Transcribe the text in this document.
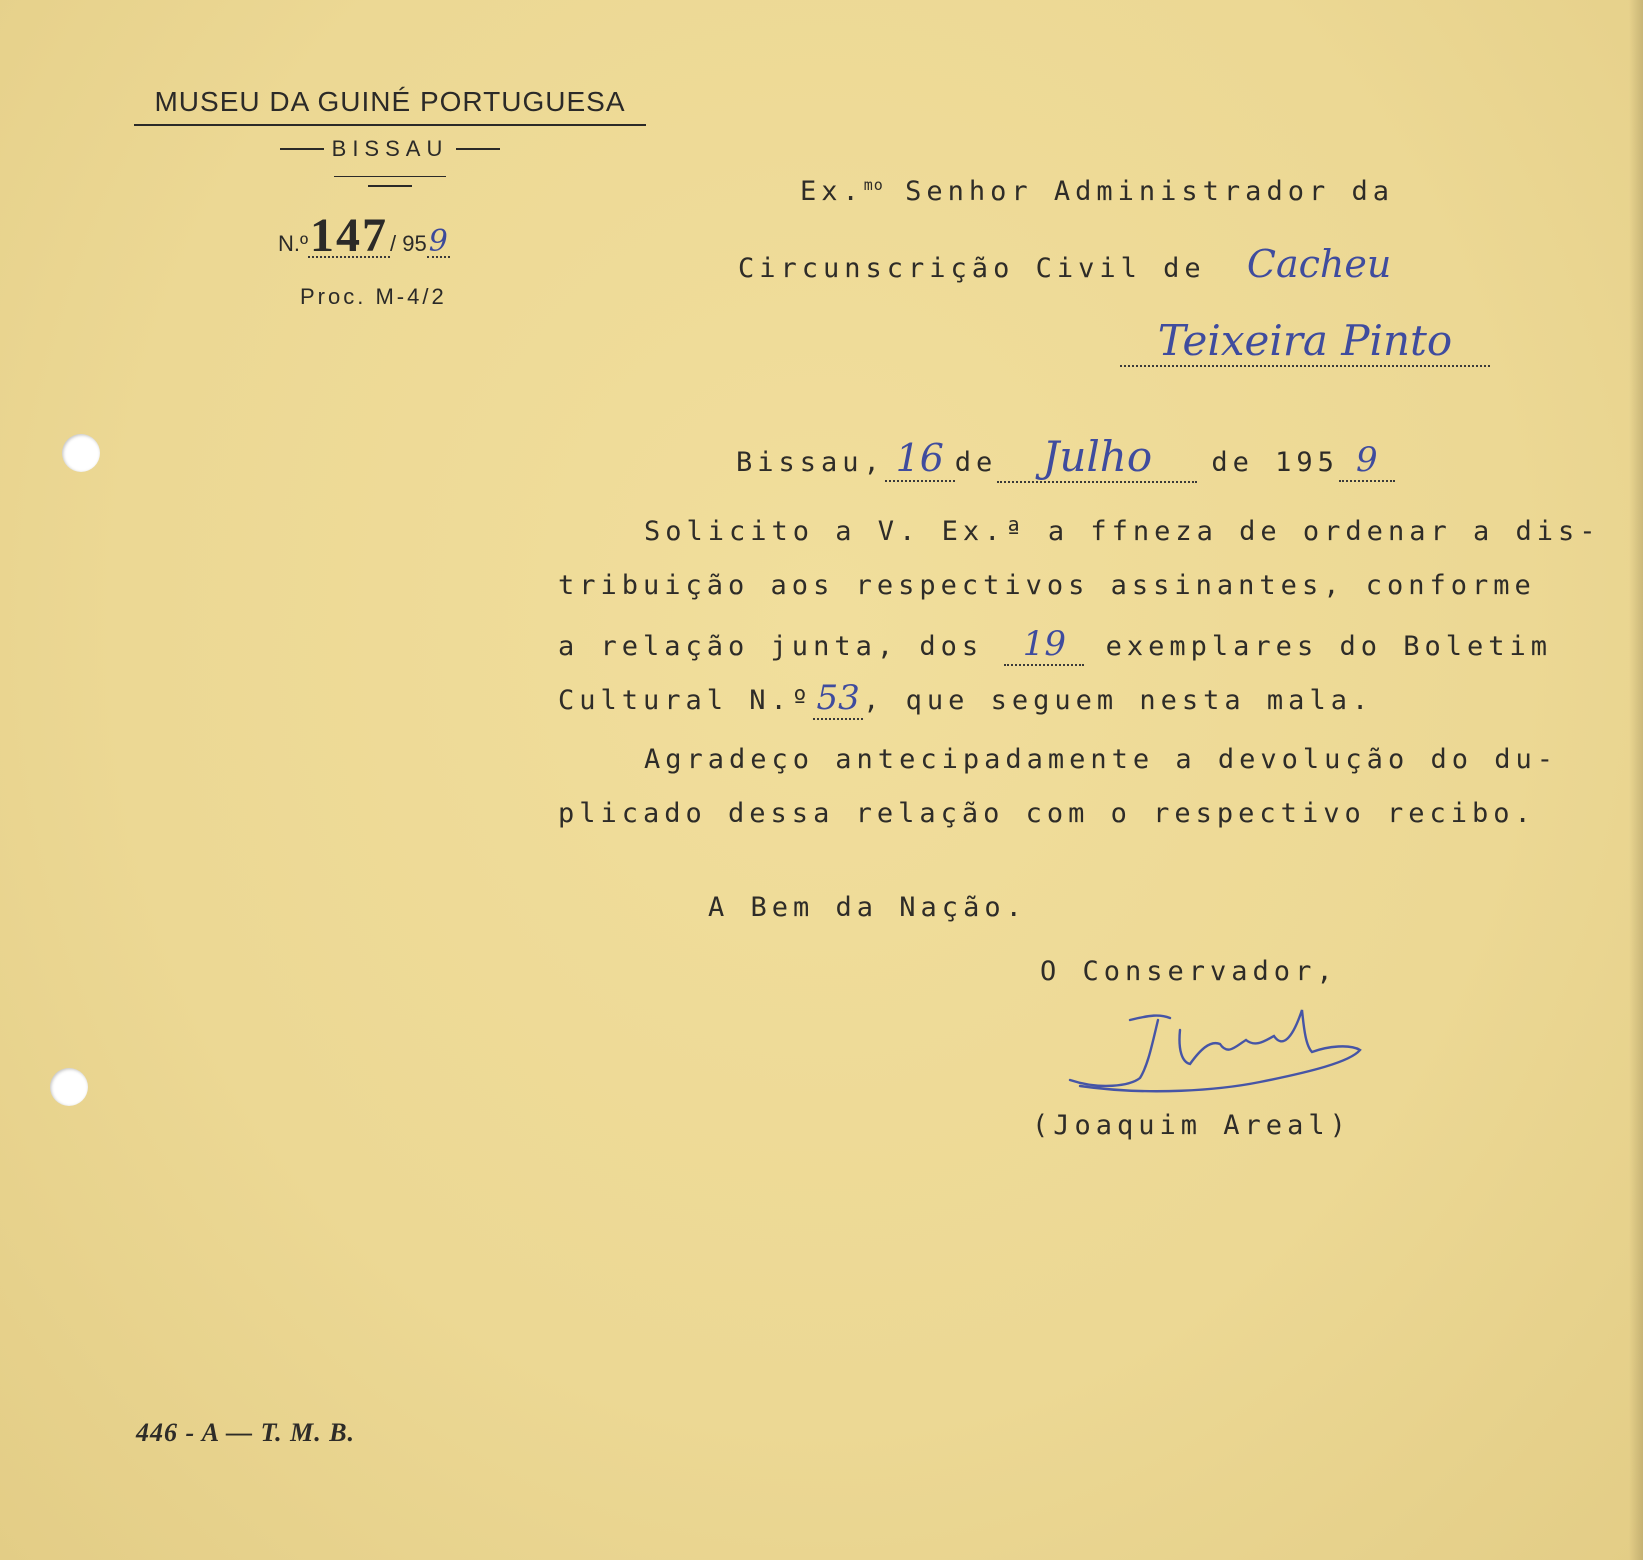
MUSEU DA GUINÉ PORTUGUESA
BISSAU
N.º147/ 959
Proc. M-4/2
Ex.$^{mo}$ Senhor Administrador da
Circunscrição Civil de Cacheu
Teixeira Pinto
Bissau, 16 de Julho de 195 9
Solicito a V. Ex.ª a ffneza de ordenar a dis-
tribuição aos respectivos assinantes, conforme
a relação junta, dos 19 exemplares do Boletim
Cultural N.º53 , que seguem nesta mala.
Agradeço antecipadamente a devolução do du-
plicado dessa relação com o respectivo recibo.
A Bem da Nação.
O Conservador,
(Joaquim Areal)
446 - A — T. M. B.
